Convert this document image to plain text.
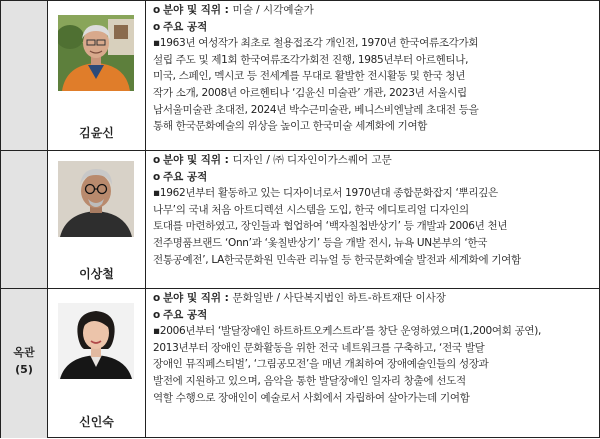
김윤신
o 분야 및 직위 : 미술 / 시각예술가
o 주요 공적
▪1963년 여성작가 최초로 철용접조각 개인전, 1970년 한국여류조각가회
설립 주도 및 제1회 한국여류조각가회전 진행, 1985년부터 아르헨티나,
미국, 스페인, 멕시코 등 전세계를 무대로 활발한 전시활동 및 한국 청년
작가 소개, 2008년 아르헨티나 ‘김윤신 미술관’ 개관, 2023년 서울시립
남서울미술관 초대전, 2024년 박수근미술관, 베니스비엔날레 초대전 등을
통해 한국문화예술의 위상을 높이고 한국미술 세계화에 기여함
이상철
o 분야 및 직위 : 디자인 / ㈜ 디자인이가스퀘어 고문
o 주요 공적
▪1962년부터 활동하고 있는 디자이너로서 1970년대 종합문화잡지 ‘뿌리깊은
나무’의 국내 처음 아트디렉션 시스템을 도입, 한국 에디토리얼 디자인의
토대를 마련하였고, 장인들과 협업하여 ‘백자칠첩반상기’ 등 개발과 2006년 천년
전주명품브랜드 ‘Onn’과 ‘옻칠반상기’ 등을 개발 전시, 뉴욕 UN본부의 ‘한국
전통공예전’, LA한국문화원 민속관 리뉴얼 등 한국문화예술 발전과 세계화에 기여함
옥관
(5)
신인숙
o 분야 및 직위 : 문화일반 / 사단복지법인 하트-하트재단 이사장
o 주요 공적
▪2006년부터 ‘발달장애인 하트하트오케스트라’를 창단 운영하였으며(1,200여회 공연),
2013년부터 장애인 문화활동을 위한 전국 네트워크를 구축하고, ‘전국 발달
장애인 뮤직페스티벌’, ‘그림공모전’을 매년 개최하여 장애예술인들의 성장과
발전에 지원하고 있으며, 음악을 통한 발달장애인 일자리 창출에 선도적
역할 수행으로 장애인이 예술로서 사회에서 자립하여 살아가는데 기여함
